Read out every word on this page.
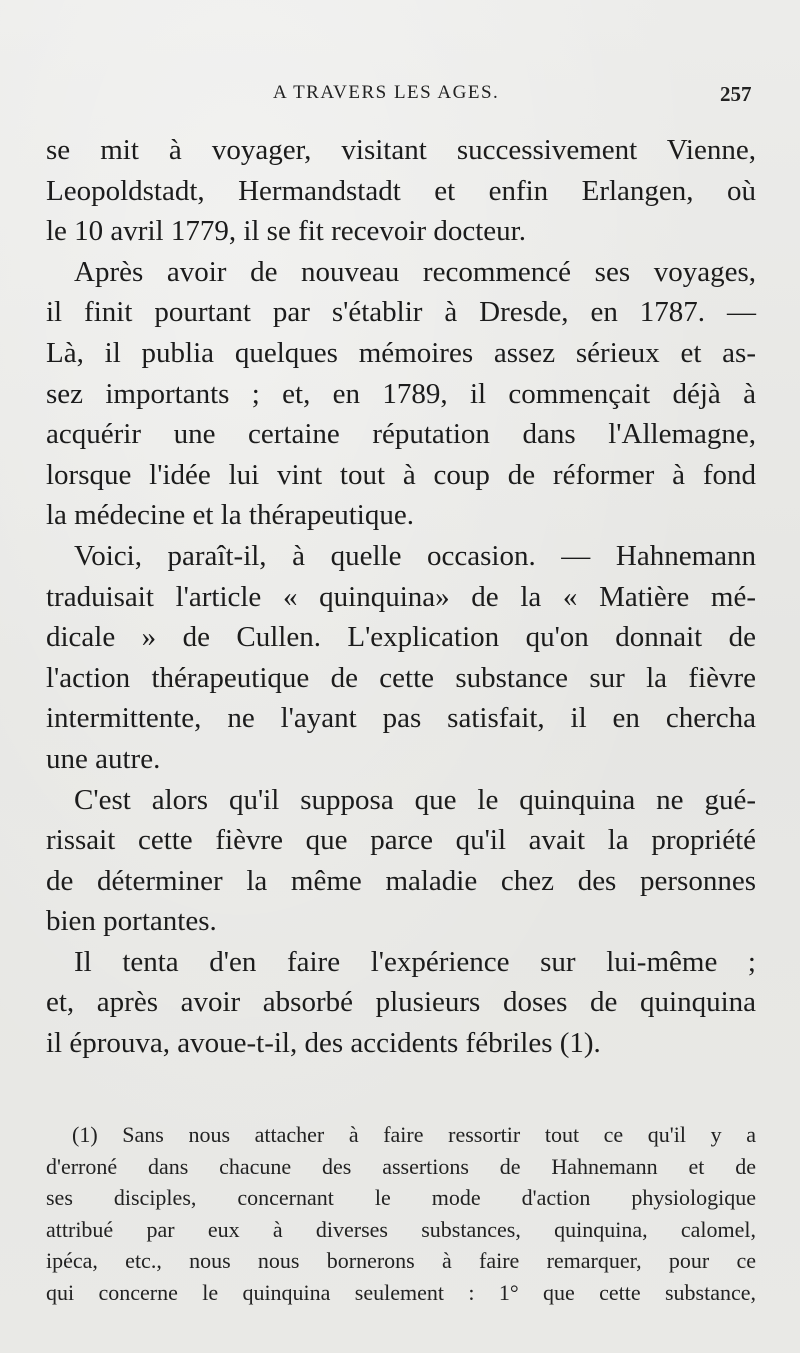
A TRAVERS LES AGES.	257
se mit à voyager, visitant successivement Vienne,
Leopoldstadt, Hermandstadt et enfin Erlangen, où
le 10 avril 1779, il se fit recevoir docteur.
Après avoir de nouveau recommencé ses voyages,
il finit pourtant par s'établir à Dresde, en 1787. —
Là, il publia quelques mémoires assez sérieux et as-
sez importants ; et, en 1789, il commençait déjà à
acquérir une certaine réputation dans l'Allemagne,
lorsque l'idée lui vint tout à coup de réformer à fond
la médecine et la thérapeutique.
Voici, paraît-il, à quelle occasion. — Hahnemann
traduisait l'article « quinquina» de la « Matière mé-
dicale » de Cullen. L'explication qu'on donnait de
l'action thérapeutique de cette substance sur la fièvre
intermittente, ne l'ayant pas satisfait, il en chercha
une autre.
C'est alors qu'il supposa que le quinquina ne gué-
rissait cette fièvre que parce qu'il avait la propriété
de déterminer la même maladie chez des personnes
bien portantes.
Il tenta d'en faire l'expérience sur lui-même ;
et, après avoir absorbé plusieurs doses de quinquina
il éprouva, avoue-t-il, des accidents fébriles (1).
(1) Sans nous attacher à faire ressortir tout ce qu'il y a
d'erroné dans chacune des assertions de Hahnemann et de
ses disciples, concernant le mode d'action physiologique
attribué par eux à diverses substances, quinquina, calomel,
ipéca, etc., nous nous bornerons à faire remarquer, pour ce
qui concerne le quinquina seulement : 1° que cette substance,
